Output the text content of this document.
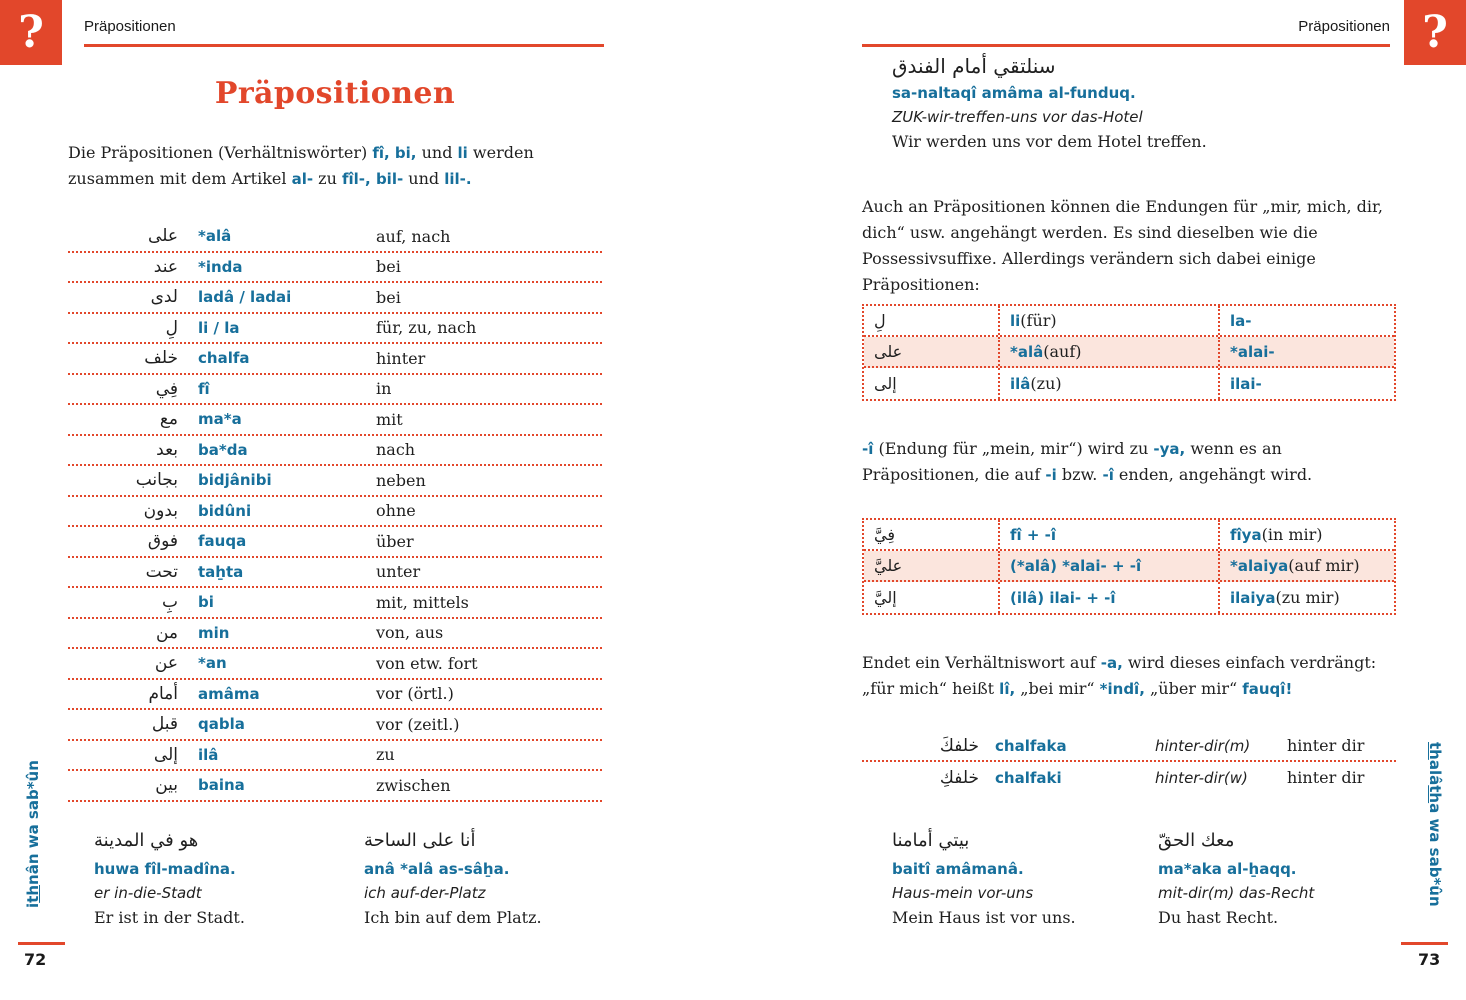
?	Präpositionen
Präpositionen
Die Präpositionen (Verhältniswörter) fî, bi, und li werden zusammen mit dem Artikel al- zu fîl-, bil- und lil-.
على	*alâ	auf, nach
عند	*inda	bei
لدى	ladâ / ladai	bei
لِ	li / la	für, zu, nach
خلف	chalfa	hinter
فِي	fî	in
مع	ma*a	mit
بعد	ba*da	nach
بجانب	bidjânibi	neben
بدون	bidûni	ohne
فوق	fauqa	über
تحت	taẖta	unter
بِ	bi	mit, mittels
من	min	von, aus
عن	*an	von etw. fort
أمام	amâma	vor (örtl.)
قبل	qabla	vor (zeitl.)
إلى	ilâ	zu
بين	baina	zwischen
هو في المدينة
huwa fîl-madîna.
er in-die-Stadt
Er ist in der Stadt.
أنا على الساحة
anâ *alâ as-sâẖa.
ich auf-der-Platz
Ich bin auf dem Platz.
ithnân wa sab*ûn
72
?
Präpositionen
سنلتقي أمام الفندق
sa-naltaqî amâma al-funduq.
ZUK-wir-treffen-uns vor das-Hotel
Wir werden uns vor dem Hotel treffen.
Auch an Präpositionen können die Endungen für „mir, mich, dir, dich“ usw. angehängt werden. Es sind dieselben wie die Possessivsuffixe. Allerdings verändern sich dabei einige Präpositionen:
لِ	li (für)	la-
على	*alâ (auf)	*alai-
إلى	ilâ (zu)	ilai-
-î (Endung für „mein, mir“) wird zu -ya, wenn es an Präpositionen, die auf -i bzw. -î enden, angehängt wird.
فِيَّ	fî + -î	fîya (in mir)
عليَّ	(*alâ) *alai- + -î	*alaiya (auf mir)
إليَّ	(ilâ) ilai- + -î	ilaiya (zu mir)
Endet ein Verhältniswort auf -a, wird dieses einfach verdrängt: „für mich“ heißt lî, „bei mir“ *indî, „über mir“ fauqî!
خلفكَ	chalfaka	hinter-dir(m)	hinter dir
خلفكِ	chalfaki	hinter-dir(w)	hinter dir
بيتي أمامنا
baitî amâmanâ.
Haus-mein vor-uns
Mein Haus ist vor uns.
معك الحقّ
ma*aka al-ẖaqq.
mit-dir(m) das-Recht
Du hast Recht.
thalâtha wa sab*ûn
73
